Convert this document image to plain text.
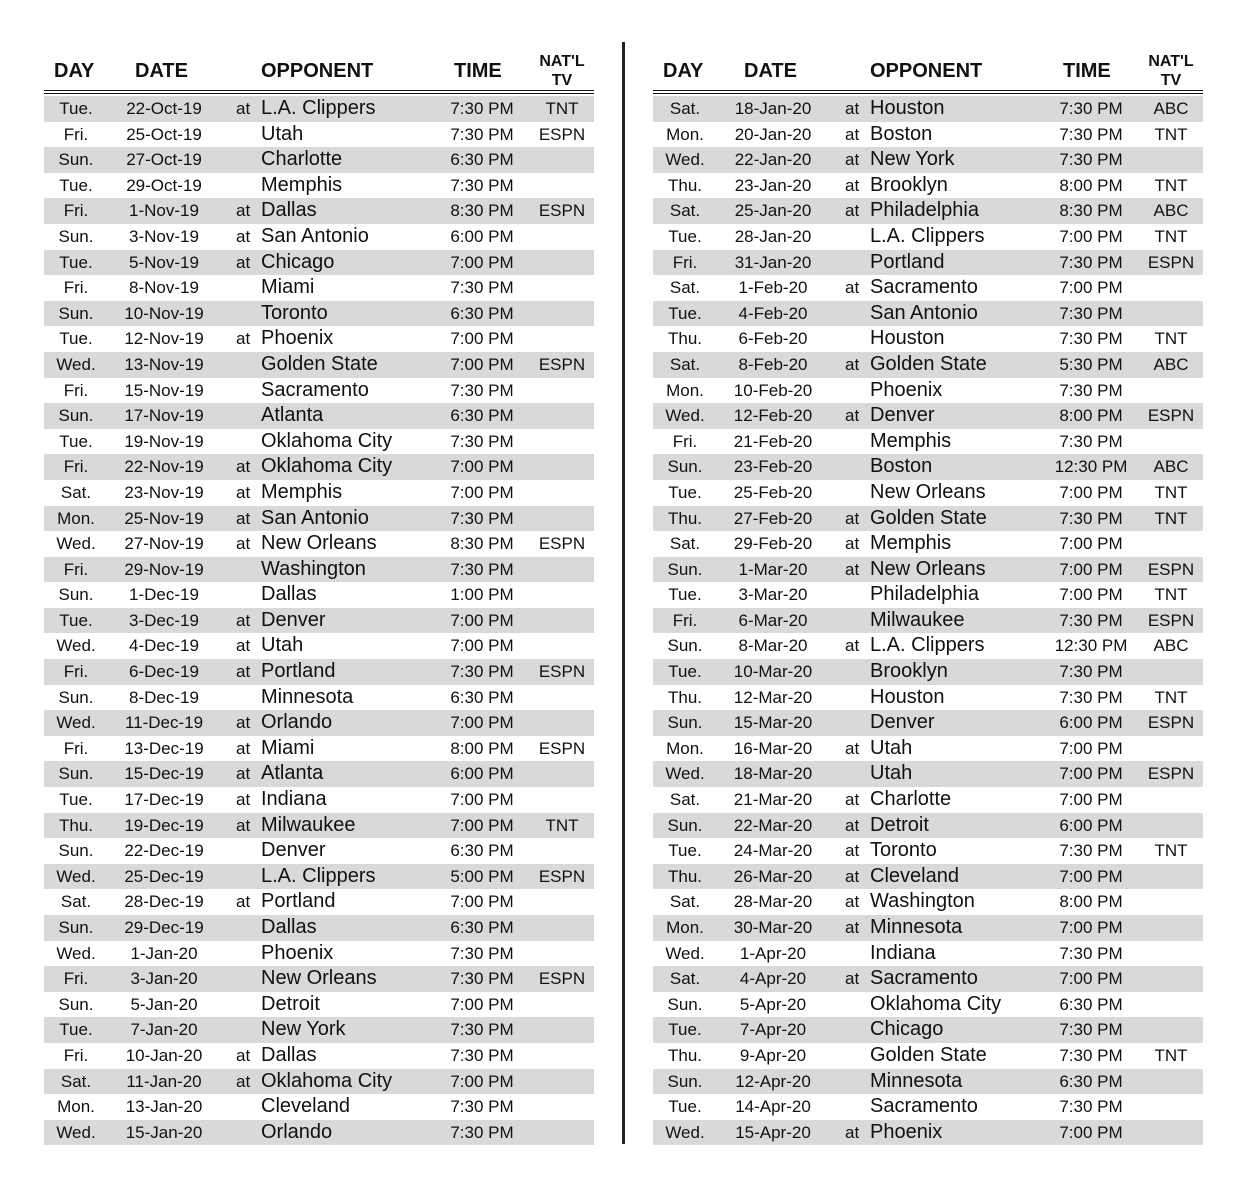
DAY DATE	OPPONENT	TIME	NAT'L
TV
Tue.	22-Oct-19	at L.A. Clippers	7:30 PM	TNT
Fri.	25-Oct-19	Utah	7:30 PM	ESPN
Sun.	27-Oct-19	Charlotte	6:30 PM
Tue.	29-Oct-19	Memphis	7:30 PM
Fri.	1-Nov-19	at Dallas	8:30 PM	ESPN
Sun.	3-Nov-19	at San Antonio	6:00 PM
Tue.	5-Nov-19	at Chicago	7:00 PM
Fri.	8-Nov-19	Miami	7:30 PM
Sun.	10-Nov-19	Toronto	6:30 PM
Tue.	12-Nov-19	at Phoenix	7:00 PM
Wed.	13-Nov-19	Golden State	7:00 PM	ESPN
Fri.	15-Nov-19	Sacramento	7:30 PM
Sun.	17-Nov-19	Atlanta	6:30 PM
Tue.	19-Nov-19	Oklahoma City	7:30 PM
Fri.	22-Nov-19	at Oklahoma City	7:00 PM
Sat.	23-Nov-19	at Memphis	7:00 PM
Mon.	25-Nov-19	at San Antonio	7:30 PM
Wed.	27-Nov-19	at New Orleans	8:30 PM	ESPN
Fri.	29-Nov-19	Washington	7:30 PM
Sun.	1-Dec-19	Dallas	1:00 PM
Tue.	3-Dec-19	at Denver	7:00 PM
Wed.	4-Dec-19	at Utah	7:00 PM
Fri.	6-Dec-19	at Portland	7:30 PM	ESPN
Sun.	8-Dec-19	Minnesota	6:30 PM
Wed.	11-Dec-19	at Orlando	7:00 PM
Fri.	13-Dec-19	at Miami	8:00 PM	ESPN
Sun.	15-Dec-19	at Atlanta	6:00 PM
Tue.	17-Dec-19	at Indiana	7:00 PM
Thu.	19-Dec-19	at Milwaukee	7:00 PM	TNT
Sun.	22-Dec-19	Denver	6:30 PM
Wed.	25-Dec-19	L.A. Clippers	5:00 PM	ESPN
Sat.	28-Dec-19	at Portland	7:00 PM
Sun.	29-Dec-19	Dallas	6:30 PM
Wed.	1-Jan-20	Phoenix	7:30 PM
Fri.	3-Jan-20	New Orleans	7:30 PM	ESPN
Sun.	5-Jan-20	Detroit	7:00 PM
Tue.	7-Jan-20	New York	7:30 PM
Fri.	10-Jan-20	at Dallas	7:30 PM
Sat.	11-Jan-20	at Oklahoma City	7:00 PM
Mon.	13-Jan-20	Cleveland	7:30 PM
Wed.	15-Jan-20	Orlando	7:30 PM
DAY DATE	OPPONENT	TIME	NAT'L
TV
Sat.	18-Jan-20	at Houston	7:30 PM	ABC
Mon.	20-Jan-20	at Boston	7:30 PM	TNT
Wed.	22-Jan-20	at New York	7:30 PM
Thu.	23-Jan-20	at Brooklyn	8:00 PM	TNT
Sat.	25-Jan-20	at Philadelphia	8:30 PM	ABC
Tue.	28-Jan-20	L.A. Clippers	7:00 PM	TNT
Fri.	31-Jan-20	Portland	7:30 PM	ESPN
Sat.	1-Feb-20	at Sacramento	7:00 PM
Tue.	4-Feb-20	San Antonio	7:30 PM
Thu.	6-Feb-20	Houston	7:30 PM	TNT
Sat.	8-Feb-20	at Golden State	5:30 PM	ABC
Mon.	10-Feb-20	Phoenix	7:30 PM
Wed.	12-Feb-20	at Denver	8:00 PM	ESPN
Fri.	21-Feb-20	Memphis	7:30 PM
Sun.	23-Feb-20	Boston	12:30 PM	ABC
Tue.	25-Feb-20	New Orleans	7:00 PM	TNT
Thu.	27-Feb-20	at Golden State	7:30 PM	TNT
Sat.	29-Feb-20	at Memphis	7:00 PM
Sun.	1-Mar-20	at New Orleans	7:00 PM	ESPN
Tue.	3-Mar-20	Philadelphia	7:00 PM	TNT
Fri.	6-Mar-20	Milwaukee	7:30 PM	ESPN
Sun.	8-Mar-20	at L.A. Clippers	12:30 PM	ABC
Tue.	10-Mar-20	Brooklyn	7:30 PM
Thu.	12-Mar-20	Houston	7:30 PM	TNT
Sun.	15-Mar-20	Denver	6:00 PM	ESPN
Mon.	16-Mar-20	at Utah	7:00 PM
Wed.	18-Mar-20	Utah	7:00 PM	ESPN
Sat.	21-Mar-20	at Charlotte	7:00 PM
Sun.	22-Mar-20	at Detroit	6:00 PM
Tue.	24-Mar-20	at Toronto	7:30 PM	TNT
Thu.	26-Mar-20	at Cleveland	7:00 PM
Sat.	28-Mar-20	at Washington	8:00 PM
Mon.	30-Mar-20	at Minnesota	7:00 PM
Wed.	1-Apr-20	Indiana	7:30 PM
Sat.	4-Apr-20	at Sacramento	7:00 PM
Sun.	5-Apr-20	Oklahoma City	6:30 PM
Tue.	7-Apr-20	Chicago	7:30 PM
Thu.	9-Apr-20	Golden State	7:30 PM	TNT
Sun.	12-Apr-20	Minnesota	6:30 PM
Tue.	14-Apr-20	Sacramento	7:30 PM
Wed.	15-Apr-20	at Phoenix	7:00 PM
